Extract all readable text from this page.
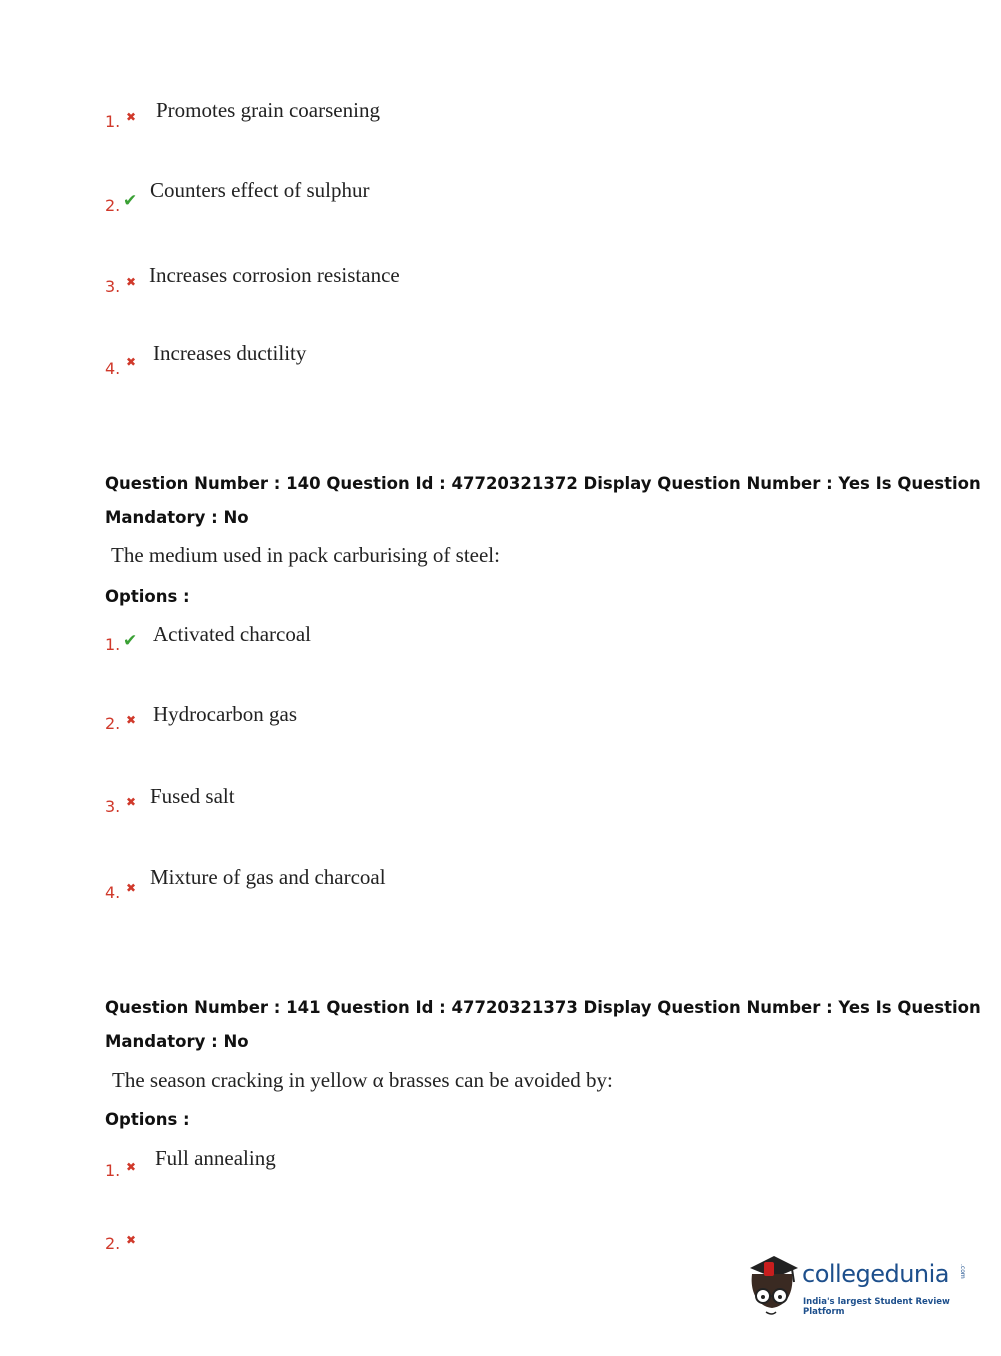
1. ✖ Promotes grain coarsening
2. ✔ Counters effect of sulphur
3. ✖ Increases corrosion resistance
4. ✖ Increases ductility
Question Number : 140 Question Id : 47720321372 Display Question Number : Yes Is Question
Mandatory : No
The medium used in pack carburising of steel:
Options :
1. ✔ Activated charcoal
2. ✖ Hydrocarbon gas
3. ✖ Fused salt
4. ✖ Mixture of gas and charcoal
Question Number : 141 Question Id : 47720321373 Display Question Number : Yes Is Question
Mandatory : No
The season cracking in yellow α brasses can be avoided by:
Options :
1. ✖ Full annealing
2. ✖
collegedunia .com
India's largest Student Review Platform
